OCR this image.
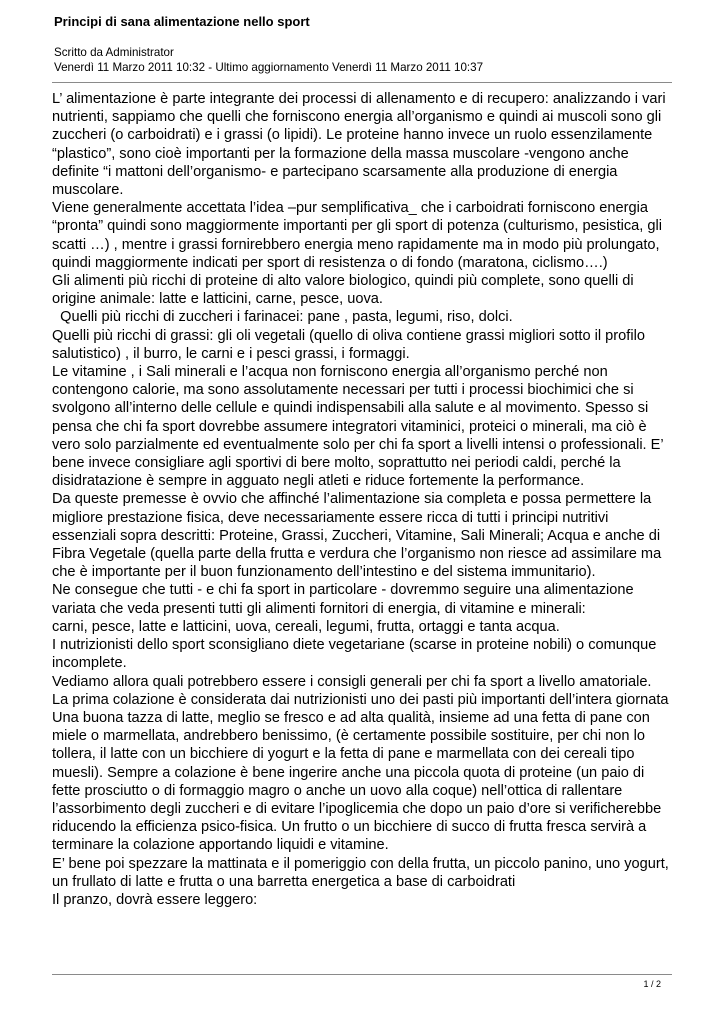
Principi di sana alimentazione nello sport
Scritto da Administrator
Venerdì 11 Marzo 2011 10:32 - Ultimo aggiornamento Venerdì 11 Marzo 2011 10:37

L’ alimentazione è parte integrante dei processi di allenamento e di recupero: analizzando i vari nutrienti, sappiamo che quelli che forniscono energia all’organismo e quindi ai muscoli sono gli zuccheri (o carboidrati) e i grassi (o lipidi). Le proteine hanno invece un ruolo essenzilamente “plastico”, sono cioè importanti per la formazione della massa muscolare -vengono anche definite “i mattoni dell’organismo- e partecipano scarsamente alla produzione di energia muscolare.

Viene generalmente accettata l’idea –pur semplificativa_ che i carboidrati forniscono energia “pronta” quindi sono maggiormente importanti per gli sport di potenza (culturismo, pesistica, gli scatti …) , mentre i grassi fornirebbero energia meno rapidamente ma in modo più prolungato, quindi maggiormente indicati per sport di resistenza o di fondo (maratona, ciclismo….)

Gli alimenti più ricchi di proteine di alto valore biologico, quindi più complete, sono quelli di origine animale: latte e latticini, carne, pesce, uova.

Quelli più ricchi di zuccheri i farinacei: pane , pasta, legumi, riso, dolci.

Quelli più ricchi di grassi: gli oli vegetali (quello di oliva contiene grassi migliori sotto il profilo salutistico) , il burro, le carni e i pesci grassi, i formaggi.

Le vitamine , i Sali minerali e l’acqua non forniscono energia all’organismo perché non contengono calorie, ma sono assolutamente necessari per tutti i processi biochimici che si svolgono all’interno delle cellule e quindi indispensabili alla salute e al movimento. Spesso si pensa che chi fa sport dovrebbe assumere integratori vitaminici, proteici o minerali, ma ciò è vero solo parzialmente ed eventualmente solo per chi fa sport a livelli intensi o professionali. E’ bene invece consigliare agli sportivi di bere molto, soprattutto nei periodi caldi, perché la disidratazione è sempre in agguato negli atleti e riduce fortemente la performance.

Da queste premesse è ovvio che affinché l’alimentazione sia completa e possa permettere la migliore prestazione fisica, deve necessariamente essere ricca di tutti i principi nutritivi essenziali sopra descritti: Proteine, Grassi, Zuccheri, Vitamine, Sali Minerali; Acqua e anche di Fibra Vegetale (quella parte della frutta e verdura che l’organismo non riesce ad assimilare ma che è importante per il buon funzionamento dell’intestino e del sistema immunitario).

Ne consegue che tutti - e chi fa sport in particolare - dovremmo seguire una alimentazione variata che veda presenti tutti gli alimenti fornitori di energia, di vitamine e minerali:

carni, pesce, latte e latticini, uova, cereali, legumi, frutta, ortaggi e tanta acqua.

I nutrizionisti dello sport sconsigliano diete vegetariane (scarse in proteine nobili) o comunque incomplete.

Vediamo allora quali potrebbero essere i consigli generali per chi fa sport a livello amatoriale.

La prima colazione è considerata dai nutrizionisti uno dei pasti più importanti dell’intera giornata

Una buona tazza di latte, meglio se fresco e ad alta qualità, insieme ad una fetta di pane con miele o marmellata, andrebbero benissimo, (è certamente possibile sostituire, per chi non lo tollera, il latte con un bicchiere di yogurt e la fetta di pane e marmellata con dei cereali tipo muesli). Sempre a colazione è bene ingerire anche una piccola quota di proteine (un paio di fette prosciutto o di formaggio magro o anche un uovo alla coque) nell’ottica di rallentare l’assorbimento degli zuccheri e di evitare l’ipoglicemia che dopo un paio d’ore si verificherebbe riducendo la efficienza psico-fisica. Un frutto o un bicchiere di succo di frutta fresca servirà a terminare la colazione apportando liquidi e vitamine.

E’ bene poi spezzare la mattinata e il pomeriggio con della frutta, un piccolo panino, uno yogurt, un frullato di latte e frutta o una barretta energetica a base di carboidrati

Il pranzo, dovrà essere leggero:

1 / 2
